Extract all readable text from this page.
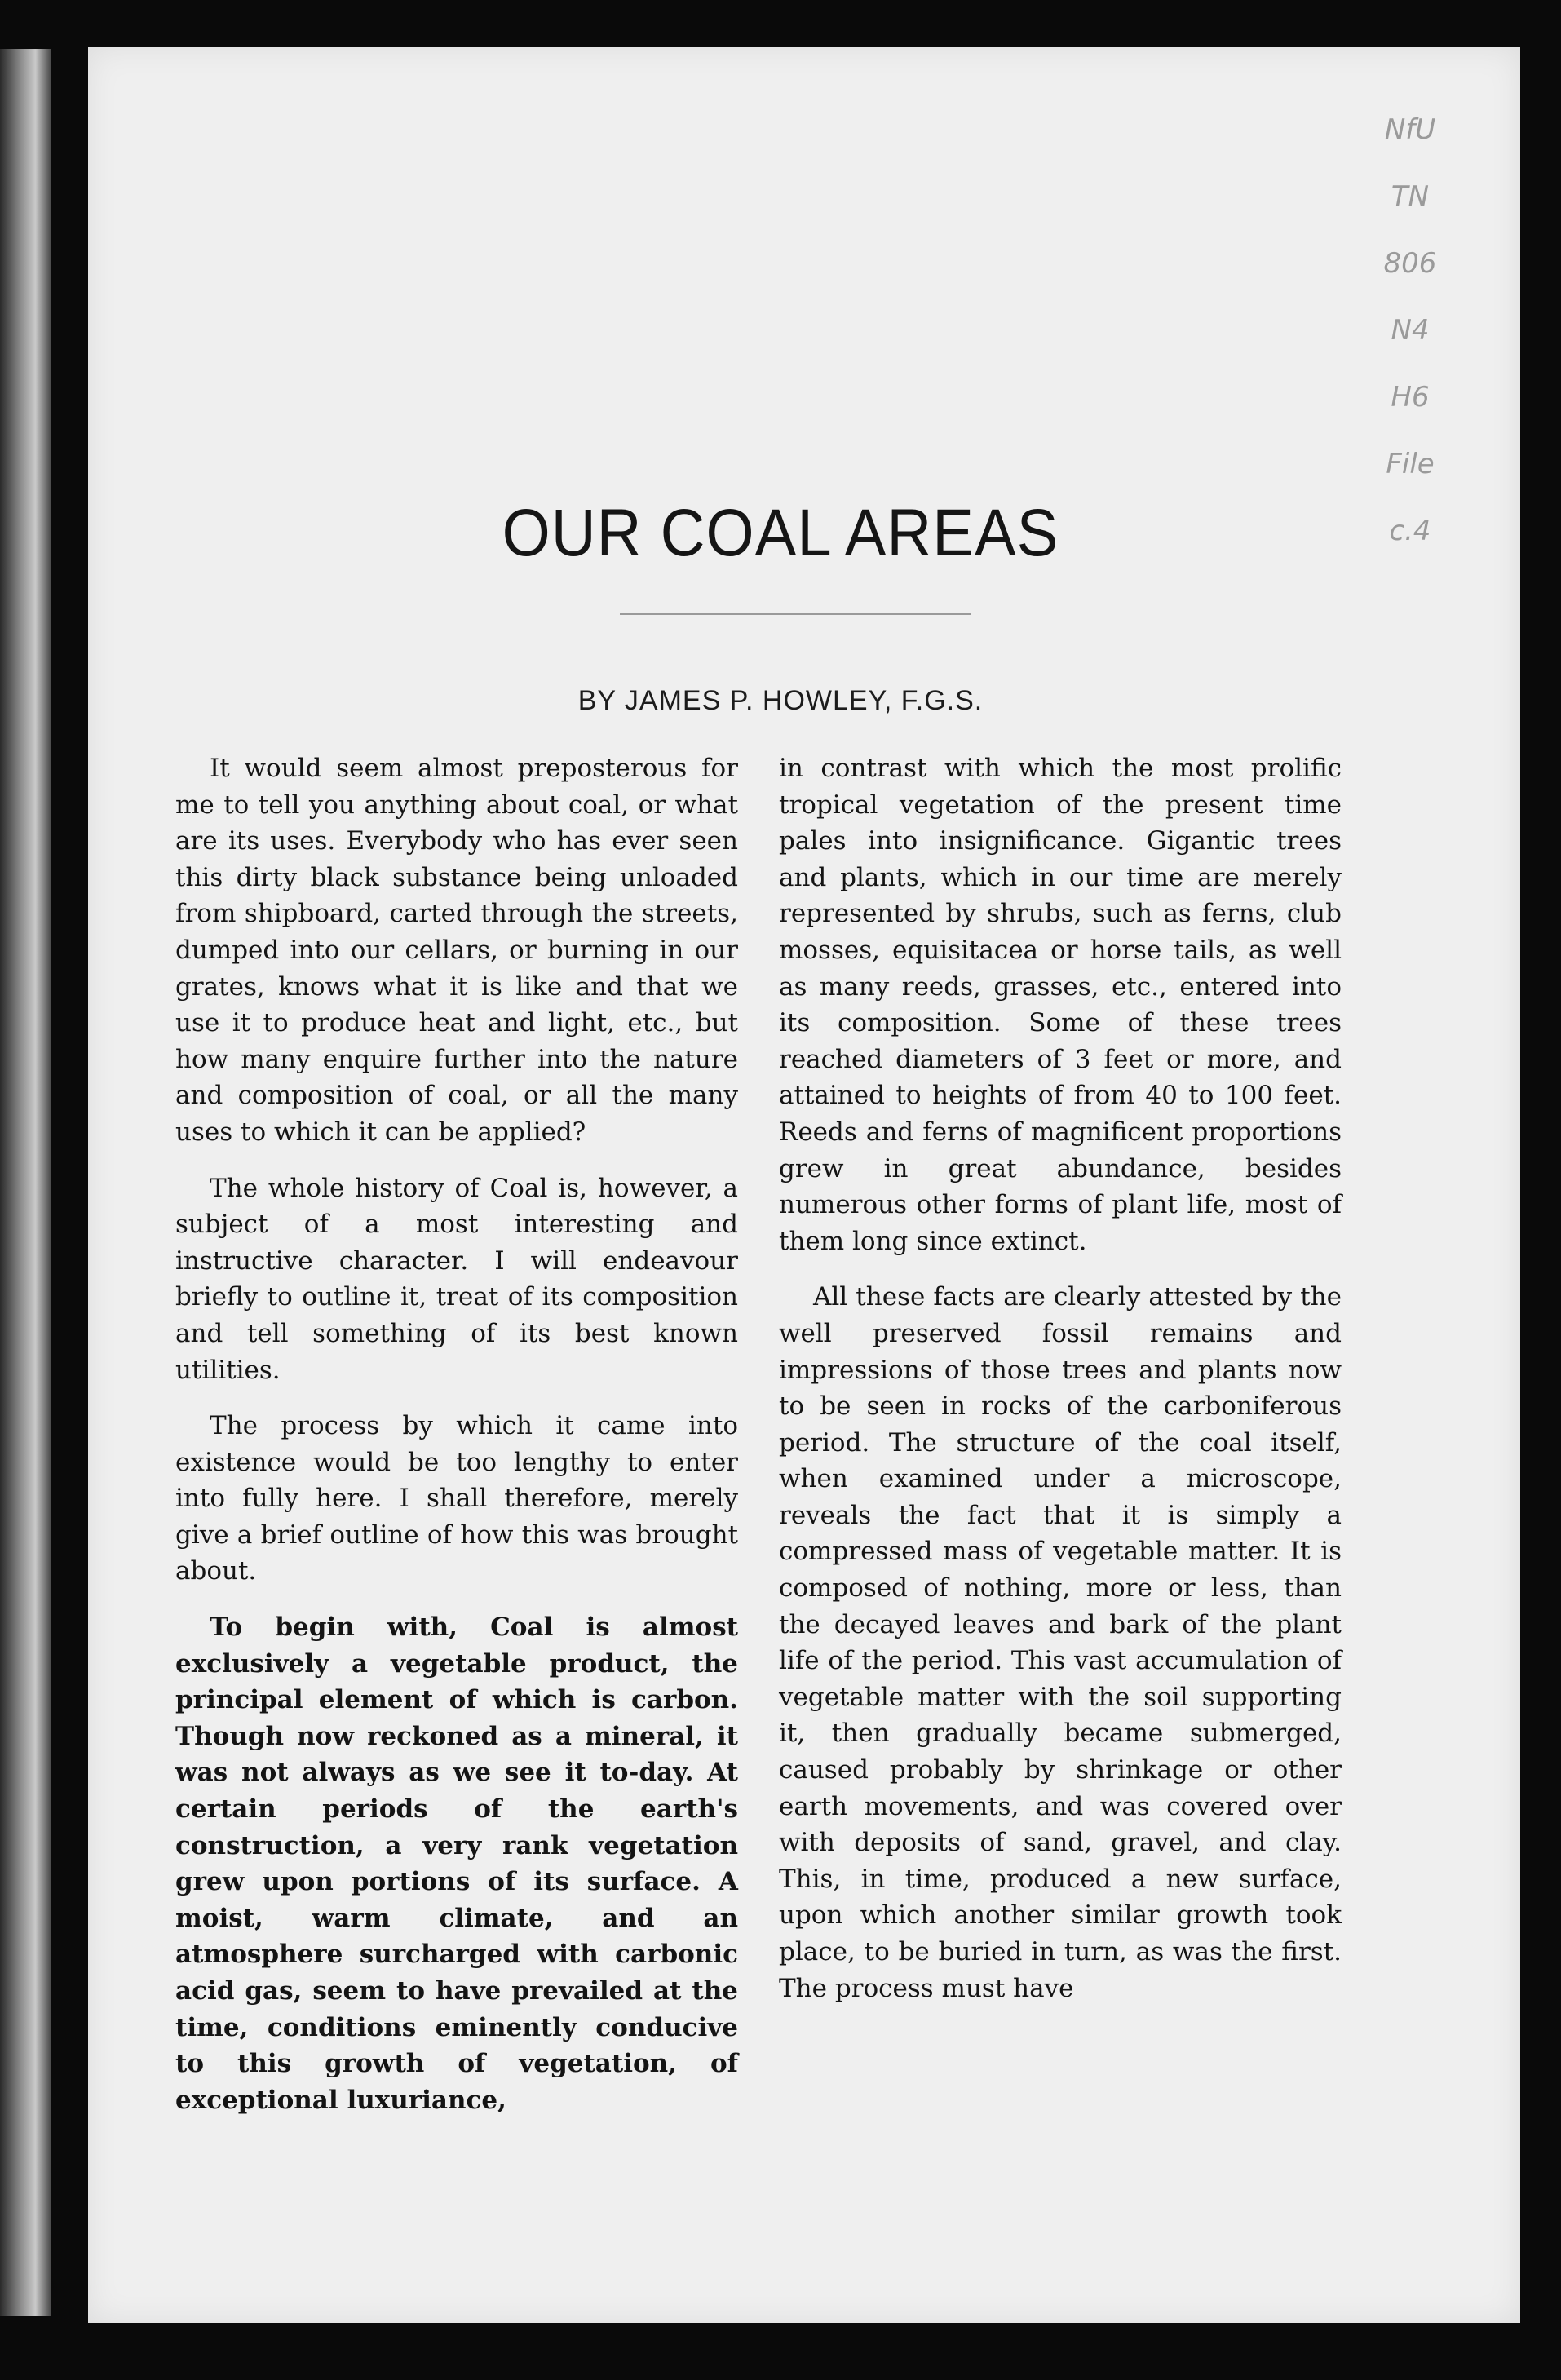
NfU
TN
806
N4
H6
File
c.4
OUR COAL AREAS
BY JAMES P. HOWLEY, F.G.S.

It would seem almost preposterous for me to tell you anything about coal, or what are its uses. Everybody who has ever seen this dirty black substance being unloaded from shipboard, carted through the streets, dumped into our cellars, or burning in our grates, knows what it is like and that we use it to produce heat and light, etc., but how many enquire further into the nature and composition of coal, or all the many uses to which it can be applied?

The whole history of Coal is, however, a subject of a most interesting and instructive character. I will endeavour briefly to outline it, treat of its composition and tell something of its best known utilities.

The process by which it came into existence would be too lengthy to enter into fully here. I shall therefore, merely give a brief outline of how this was brought about.

To begin with, Coal is almost exclusively a vegetable product, the principal element of which is carbon. Though now reckoned as a mineral, it was not always as we see it to-day. At certain periods of the earth's construction, a very rank vegetation grew upon portions of its surface. A moist, warm climate, and an atmosphere surcharged with carbonic acid gas, seem to have prevailed at the time, conditions eminently conducive to this growth of vegetation, of exceptional luxuriance,

in contrast with which the most prolific tropical vegetation of the present time pales into insignificance. Gigantic trees and plants, which in our time are merely represented by shrubs, such as ferns, club mosses, equisitacea or horse tails, as well as many reeds, grasses, etc., entered into its composition. Some of these trees reached diameters of 3 feet or more, and attained to heights of from 40 to 100 feet. Reeds and ferns of magnificent proportions grew in great abundance, besides numerous other forms of plant life, most of them long since extinct.

All these facts are clearly attested by the well preserved fossil remains and impressions of those trees and plants now to be seen in rocks of the carboniferous period. The structure of the coal itself, when examined under a microscope, reveals the fact that it is simply a compressed mass of vegetable matter. It is composed of nothing, more or less, than the decayed leaves and bark of the plant life of the period. This vast accumulation of vegetable matter with the soil supporting it, then gradually became submerged, caused probably by shrinkage or other earth movements, and was covered over with deposits of sand, gravel, and clay. This, in time, produced a new surface, upon which another similar growth took place, to be buried in turn, as was the first. The process must have
